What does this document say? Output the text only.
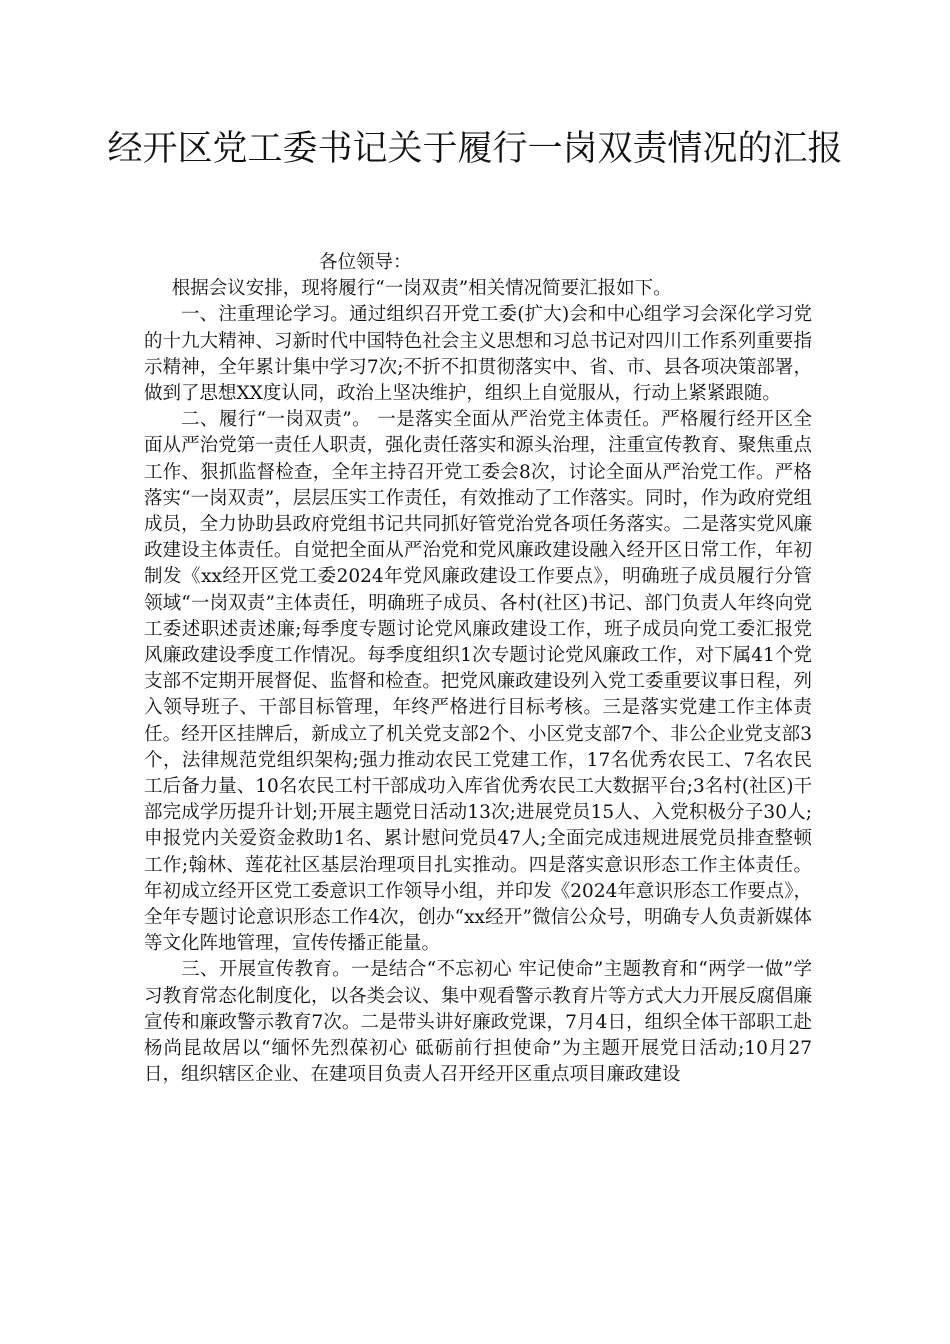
经开区党工委书记关于履行一岗双责情况的汇报

各位领导：

根据会议安排，现将履行“一岗双责”相关情况简要汇报如下。

一、注重理论学习。通过组织召开党工委(扩大)会和中心组学习会深化学习党的十九大精神、习新时代中国特色社会主义思想和习总书记对四川工作系列重要指示精神，全年累计集中学习7次;不折不扣贯彻落实中、省、市、县各项决策部署，做到了思想XX度认同，政治上坚决维护，组织上自觉服从，行动上紧紧跟随。

二、履行“一岗双责”。 一是落实全面从严治党主体责任。严格履行经开区全面从严治党第一责任人职责，强化责任落实和源头治理，注重宣传教育、聚焦重点工作、狠抓监督检查，全年主持召开党工委会8次，讨论全面从严治党工作。严格落实“一岗双责”，层层压实工作责任，有效推动了工作落实。同时，作为政府党组成员，全力协助县政府党组书记共同抓好管党治党各项任务落实。二是落实党风廉政建设主体责任。自觉把全面从严治党和党风廉政建设融入经开区日常工作，年初制发《xx经开区党工委2024年党风廉政建设工作要点》，明确班子成员履行分管领域“一岗双责”主体责任，明确班子成员、各村(社区)书记、部门负责人年终向党工委述职述责述廉;每季度专题讨论党风廉政建设工作，班子成员向党工委汇报党风廉政建设季度工作情况。每季度组织1次专题讨论党风廉政工作，对下属41个党支部不定期开展督促、监督和检查。把党风廉政建设列入党工委重要议事日程，列入领导班子、干部目标管理，年终严格进行目标考核。三是落实党建工作主体责任。经开区挂牌后，新成立了机关党支部2个、小区党支部7个、非公企业党支部3个，法律规范党组织架构;强力推动农民工党建工作，17名优秀农民工、7名农民工后备力量、10名农民工村干部成功入库省优秀农民工大数据平台;3名村(社区)干部完成学历提升计划;开展主题党日活动13次;进展党员15人、入党积极分子30人;申报党内关爱资金救助1名、累计慰问党员47人;全面完成违规进展党员排查整顿工作;翰林、莲花社区基层治理项目扎实推动。四是落实意识形态工作主体责任。年初成立经开区党工委意识工作领导小组，并印发《2024年意识形态工作要点》，全年专题讨论意识形态工作4次，创办“xx经开”微信公众号，明确专人负责新媒体等文化阵地管理，宣传传播正能量。

三、开展宣传教育。一是结合“不忘初心 牢记使命”主题教育和“两学一做”学习教育常态化制度化，以各类会议、集中观看警示教育片等方式大力开展反腐倡廉宣传和廉政警示教育7次。二是带头讲好廉政党课，7月4日，组织全体干部职工赴杨尚昆故居以“缅怀先烈葆初心 砥砺前行担使命”为主题开展党日活动;10月27日，组织辖区企业、在建项目负责人召开经开区重点项目廉政建设
